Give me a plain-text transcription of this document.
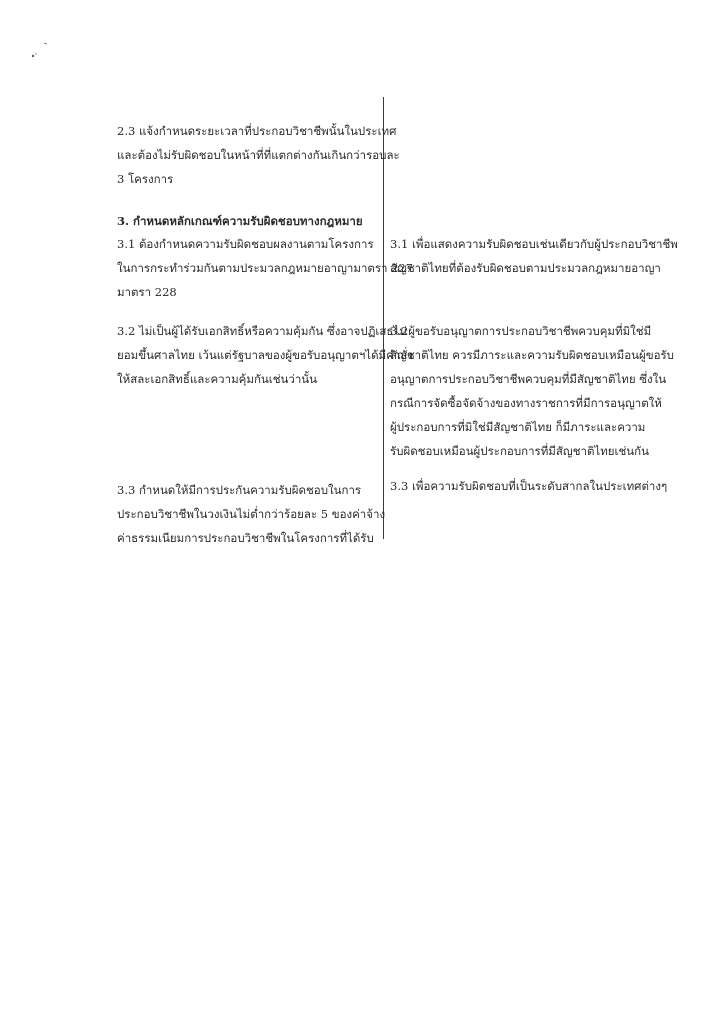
2.3 แจ้งกำหนดระยะเวลาที่ประกอบวิชาชีพนั้นในประเทศ
และต้องไม่รับผิดชอบในหน้าที่ที่แตกต่างกันเกินกว่ารอบละ
3 โครงการ
3. กำหนดหลักเกณฑ์ความรับผิดชอบทางกฎหมาย
3.1 ต้องกำหนดความรับผิดชอบผลงานตามโครงการ
ในการกระทำร่วมกันตามประมวลกฎหมายอาญามาตรา 227
มาตรา 228
3.2 ไม่เป็นผู้ได้รับเอกสิทธิ์หรือความคุ้มกัน ซึ่งอาจปฏิเสธไม่
ยอมขึ้นศาลไทย เว้นแต่รัฐบาลของผู้ขอรับอนุญาตฯได้มีคำสั่ง
ให้สละเอกสิทธิ์และความคุ้มกันเช่นว่านั้น
3.3 กำหนดให้มีการประกันความรับผิดชอบในการ
ประกอบวิชาชีพในวงเงินไม่ต่ำกว่าร้อยละ 5 ของค่าจ้าง
ค่าธรรมเนียมการประกอบวิชาชีพในโครงการที่ได้รับ
3.1 เพื่อแสดงความรับผิดชอบเช่นเดียวกับผู้ประกอบวิชาชีพ
สัญชาติไทยที่ต้องรับผิดชอบตามประมวลกฎหมายอาญา
3.2ผู้ขอรับอนุญาตการประกอบวิชาชีพควบคุมที่มิใช่มี
สัญชาติไทย ควรมีภาระและความรับผิดชอบเหมือนผู้ขอรับ
อนุญาตการประกอบวิชาชีพควบคุมที่มีสัญชาติไทย ซึ่งใน
กรณีการจัดซื้อจัดจ้างของทางราชการที่มีการอนุญาตให้
ผู้ประกอบการที่มิใช่มีสัญชาติไทย ก็มีภาระและความ
รับผิดชอบเหมือนผู้ประกอบการที่มีสัญชาติไทยเช่นกัน
3.3 เพื่อความรับผิดชอบที่เป็นระดับสากลในประเทศต่างๆ
